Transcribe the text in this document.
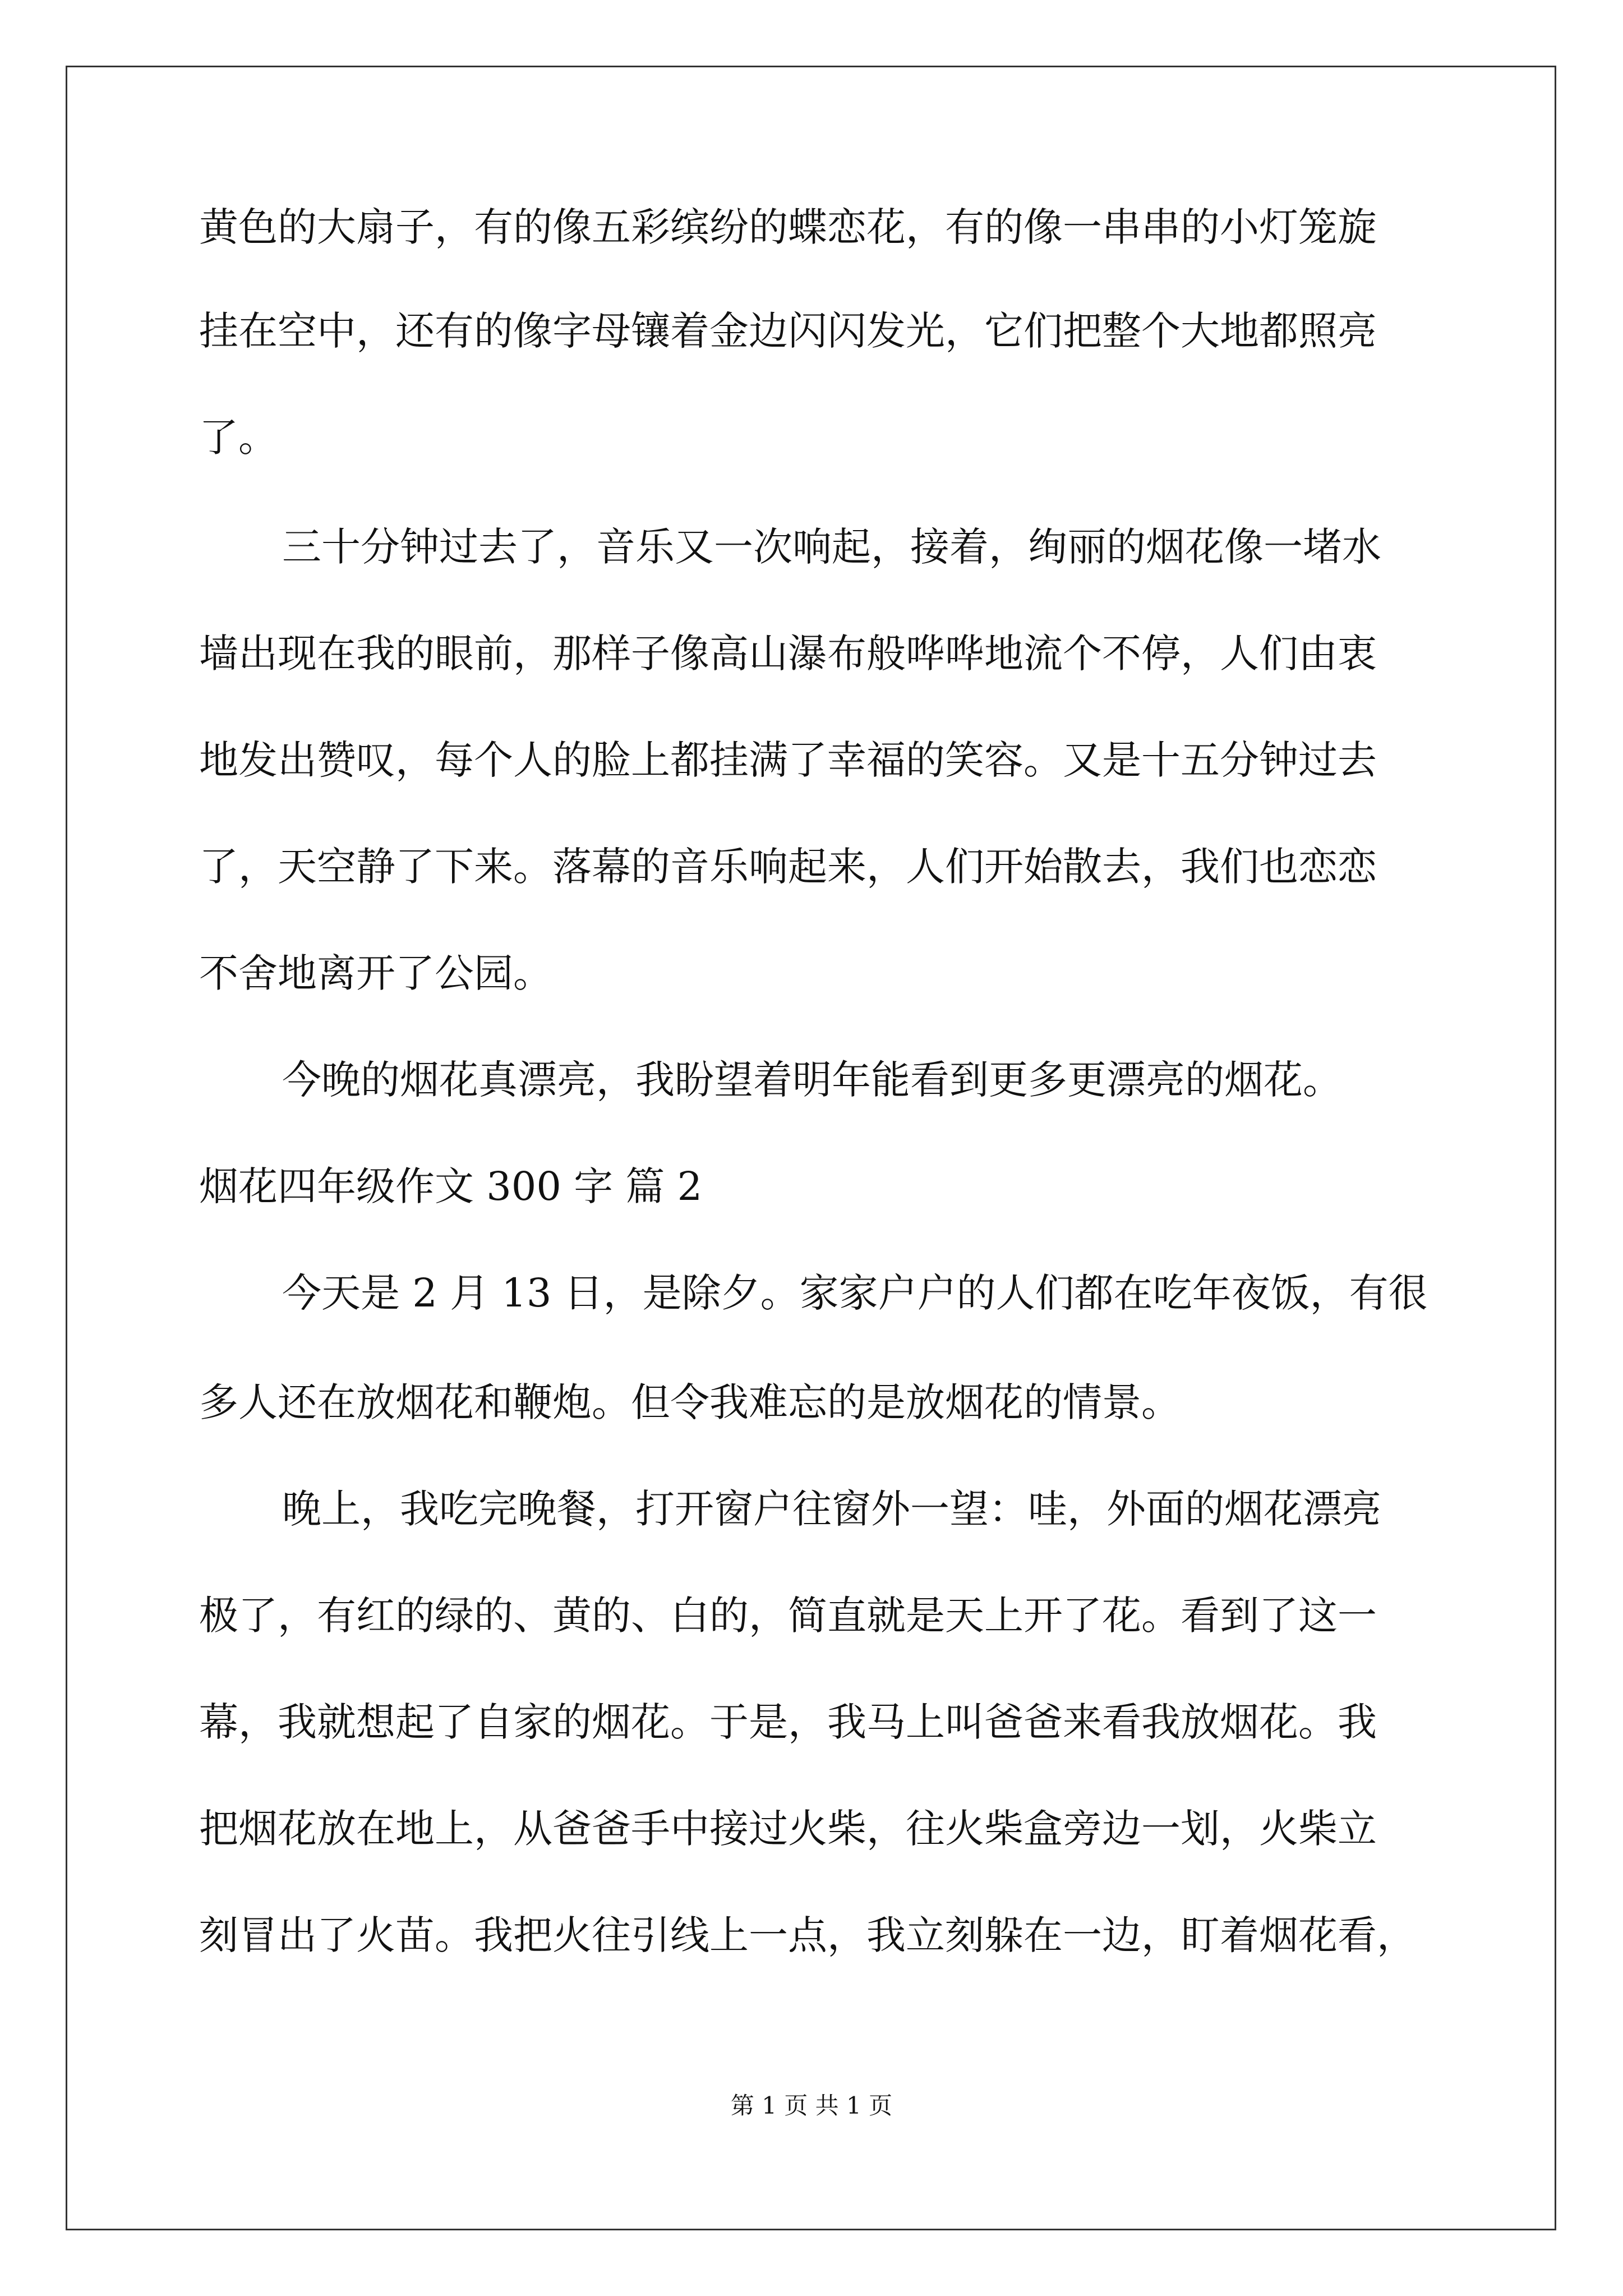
黄色的大扇子，有的像五彩缤纷的蝶恋花，有的像一串串的小灯笼旋
挂在空中，还有的像字母镶着金边闪闪发光，它们把整个大地都照亮
了。
三十分钟过去了，音乐又一次响起，接着，绚丽的烟花像一堵水
墙出现在我的眼前，那样子像高山瀑布般哗哗地流个不停，人们由衷
地发出赞叹，每个人的脸上都挂满了幸福的笑容。又是十五分钟过去
了，天空静了下来。落幕的音乐响起来，人们开始散去，我们也恋恋
不舍地离开了公园。
今晚的烟花真漂亮，我盼望着明年能看到更多更漂亮的烟花。
烟花四年级作文 300 字 篇 2
今天是 2 月 13 日，是除夕。家家户户的人们都在吃年夜饭，有很
多人还在放烟花和鞭炮。但令我难忘的是放烟花的情景。
晚上，我吃完晚餐，打开窗户往窗外一望：哇，外面的烟花漂亮
极了，有红的绿的、黄的、白的，简直就是天上开了花。看到了这一
幕，我就想起了自家的烟花。于是，我马上叫爸爸来看我放烟花。我
把烟花放在地上，从爸爸手中接过火柴，往火柴盒旁边一划，火柴立
刻冒出了火苗。我把火往引线上一点，我立刻躲在一边，盯着烟花看，
第 1 页 共 1 页
